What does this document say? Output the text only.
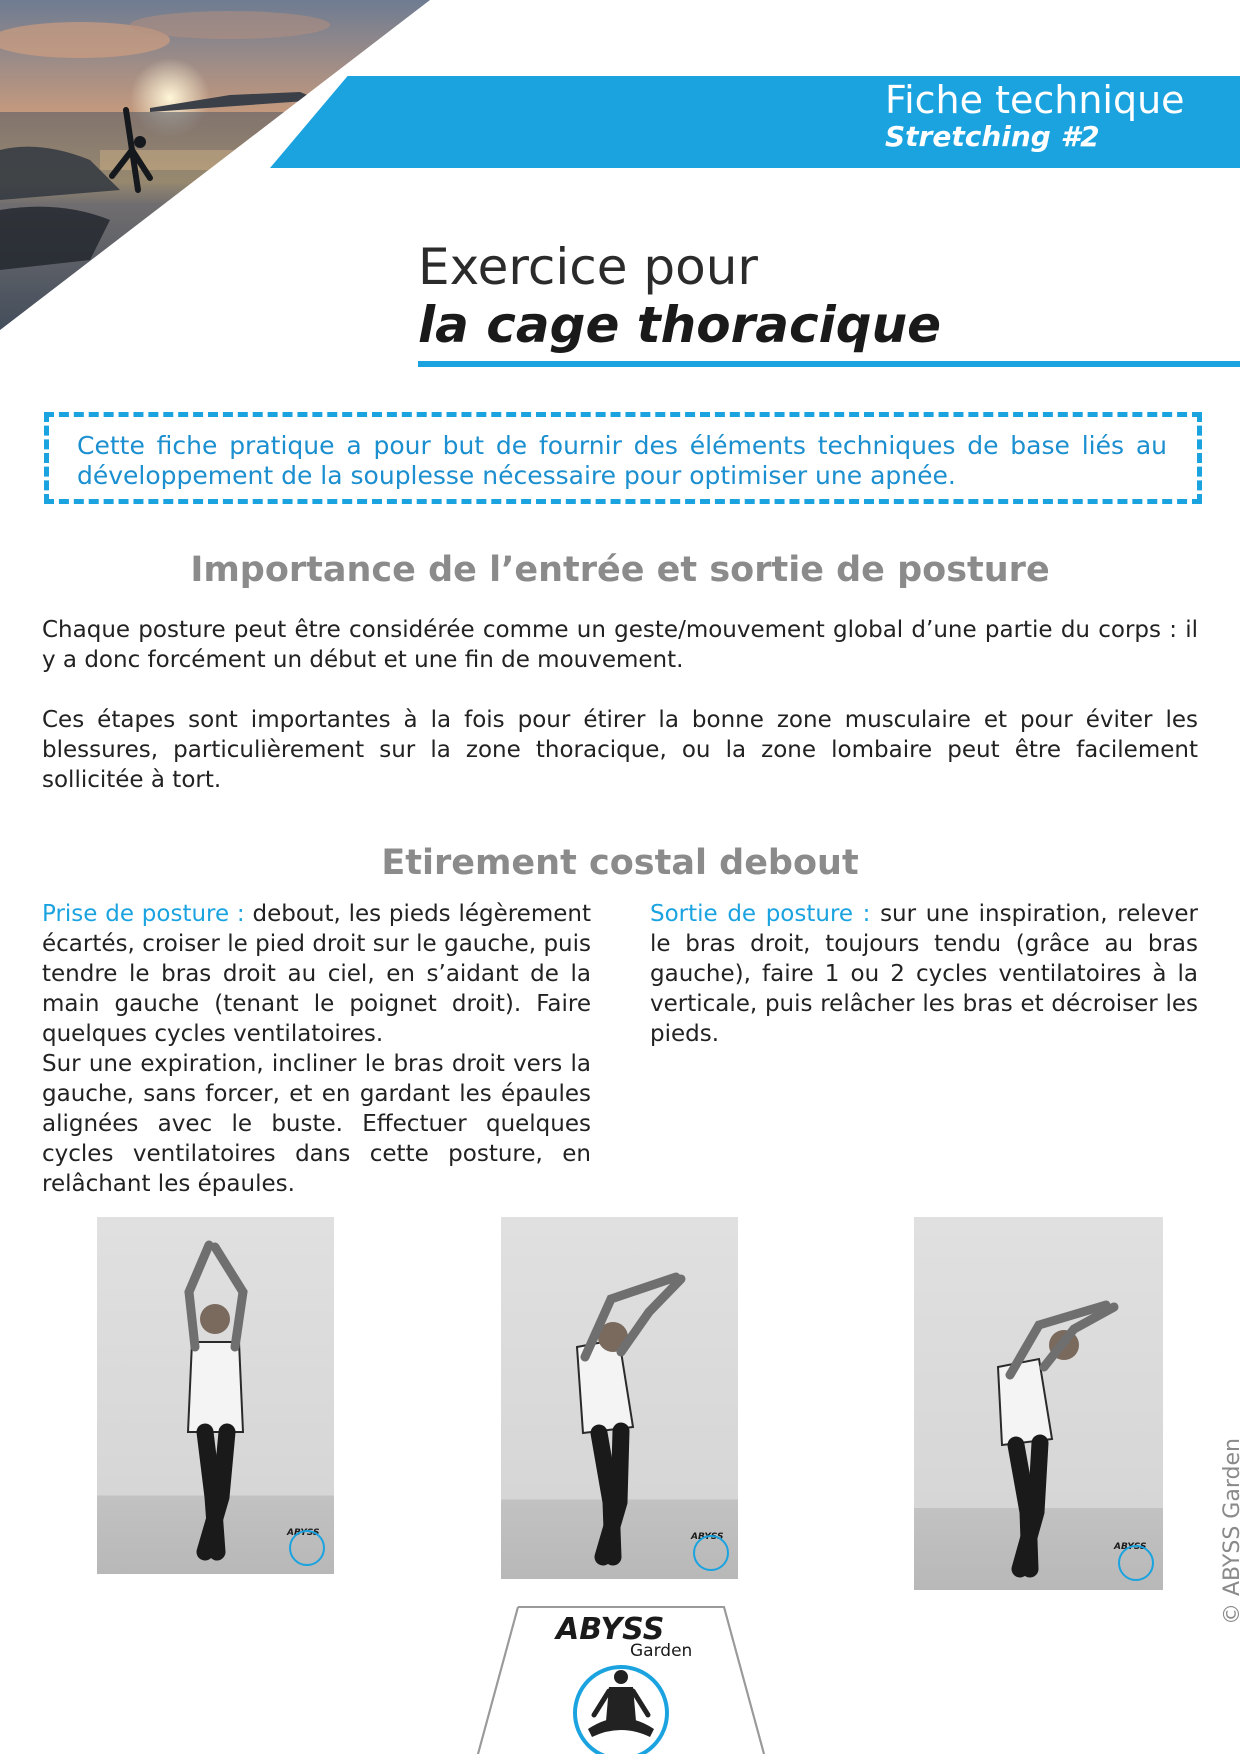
Fiche technique
Stretching #2
Exercice pour
la cage thoracique
Cette fiche pratique a pour but de fournir des éléments techniques de base liés au développement de la souplesse nécessaire pour optimiser une apnée.
Importance de l’entrée et sortie de posture
Chaque posture peut être considérée comme un geste/mouvement global d’une partie du corps : il y a donc forcément un début et une fin de mouvement.
Ces étapes sont importantes à la fois pour étirer la bonne zone musculaire et pour éviter les blessures, particulièrement sur la zone thoracique, ou la zone lombaire peut être facilement sollicitée à tort.
Etirement costal debout
Prise de posture : debout, les pieds légèrement écartés, croiser le pied droit sur le gauche, puis tendre le bras droit au ciel, en s’aidant de la main gauche (tenant le poignet droit). Faire quelques cycles ventilatoires.
Sur une expiration, incliner le bras droit vers la gauche, sans forcer, et en gardant les épaules alignées avec le buste. Effectuer quelques cycles ventilatoires dans cette posture, en relâchant les épaules.
Sortie de posture : sur une inspiration, relever le bras droit, toujours tendu (grâce au bras gauche), faire 1 ou 2 cycles ventilatoires à la verticale, puis relâcher les bras et décroiser les pieds.
ABYSS	ABYSS
ABYSS
ABYSS
Garden
© ABYSS Garden
